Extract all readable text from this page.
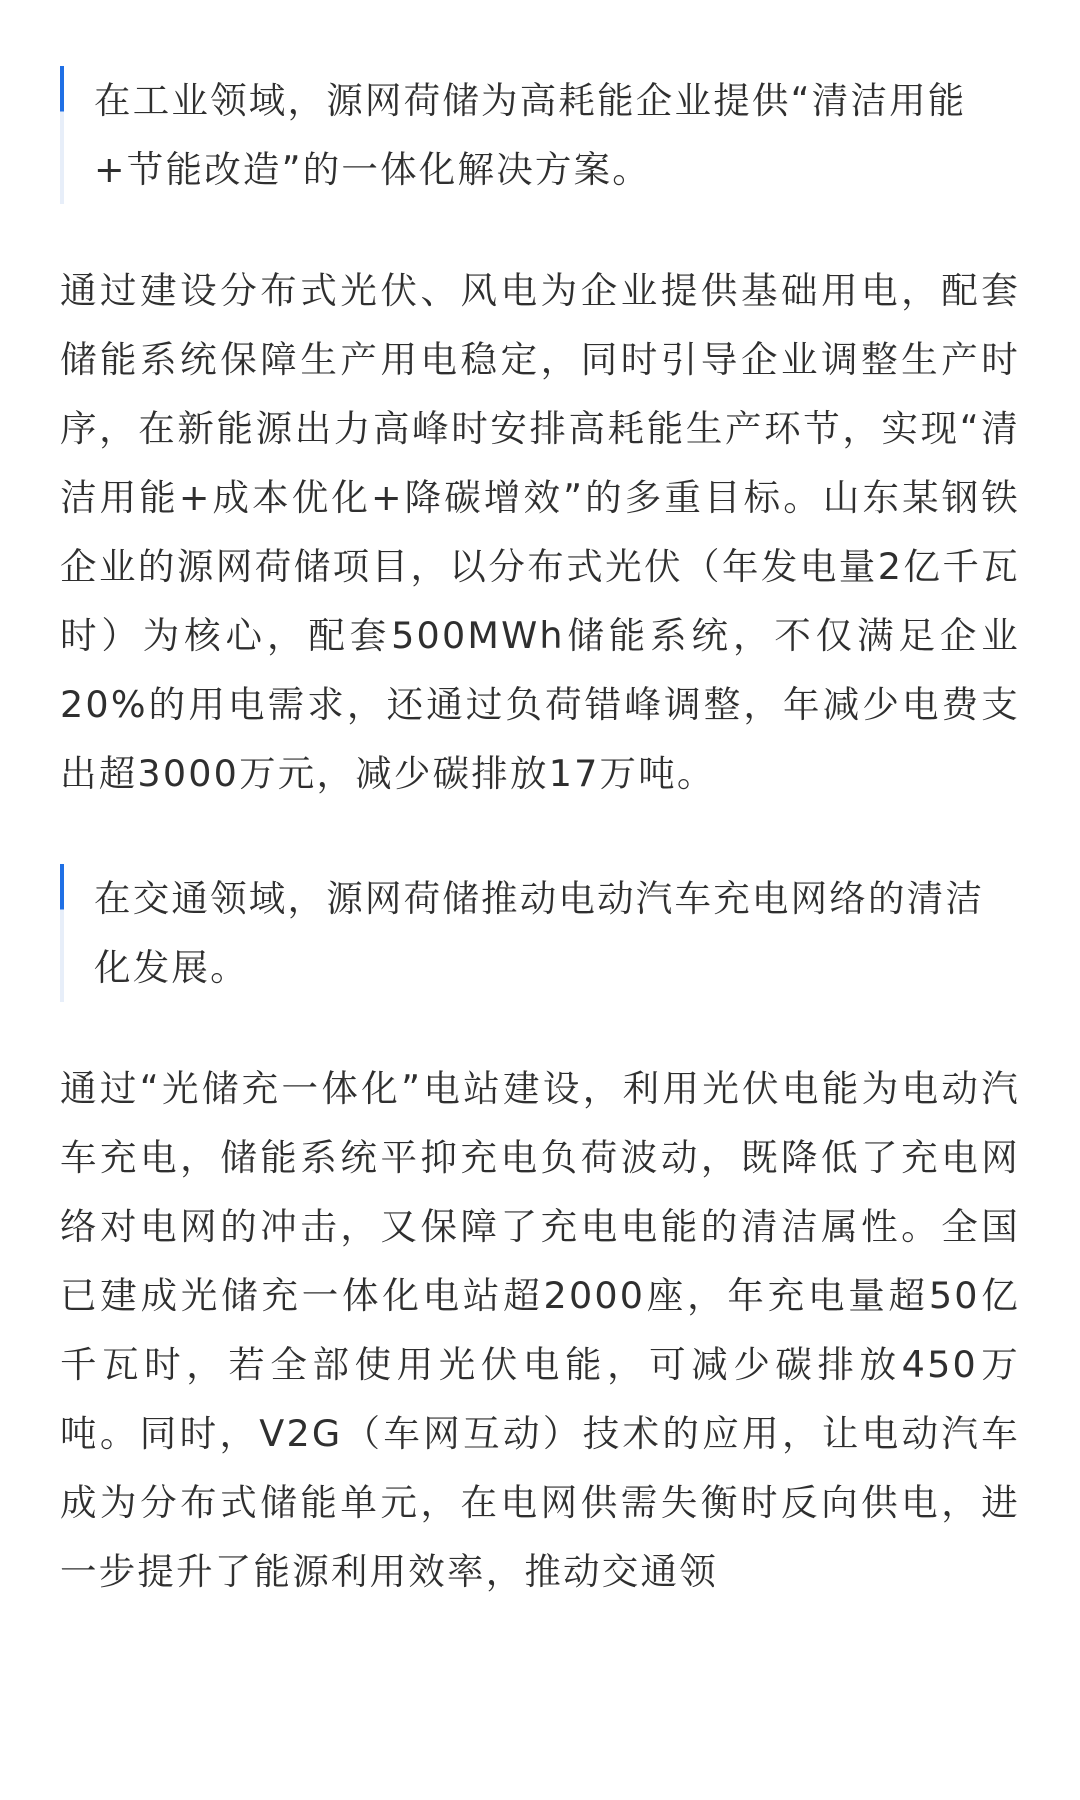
在工业领域，源网荷储为高耗能企业提供“清洁用能+节能改造”的一体化解决方案。
通过建设分布式光伏、风电为企业提供基础用电，配套储能系统保障生产用电稳定，同时引导企业调整生产时序，在新能源出力高峰时安排高耗能生产环节，实现“清洁用能+成本优化+降碳增效”的多重目标。山东某钢铁企业的源网荷储项目，以分布式光伏（年发电量2亿千瓦时）为核心，配套500MWh储能系统，不仅满足企业20%的用电需求，还通过负荷错峰调整，年减少电费支出超3000万元，减少碳排放17万吨。
在交通领域，源网荷储推动电动汽车充电网络的清洁化发展。
通过“光储充一体化”电站建设，利用光伏电能为电动汽车充电，储能系统平抑充电负荷波动，既降低了充电网络对电网的冲击，又保障了充电电能的清洁属性。全国已建成光储充一体化电站超2000座，年充电量超50亿千瓦时，若全部使用光伏电能，可减少碳排放450万吨。同时，V2G（车网互动）技术的应用，让电动汽车成为分布式储能单元，在电网供需失衡时反向供电，进一步提升了能源利用效率，推动交通领
